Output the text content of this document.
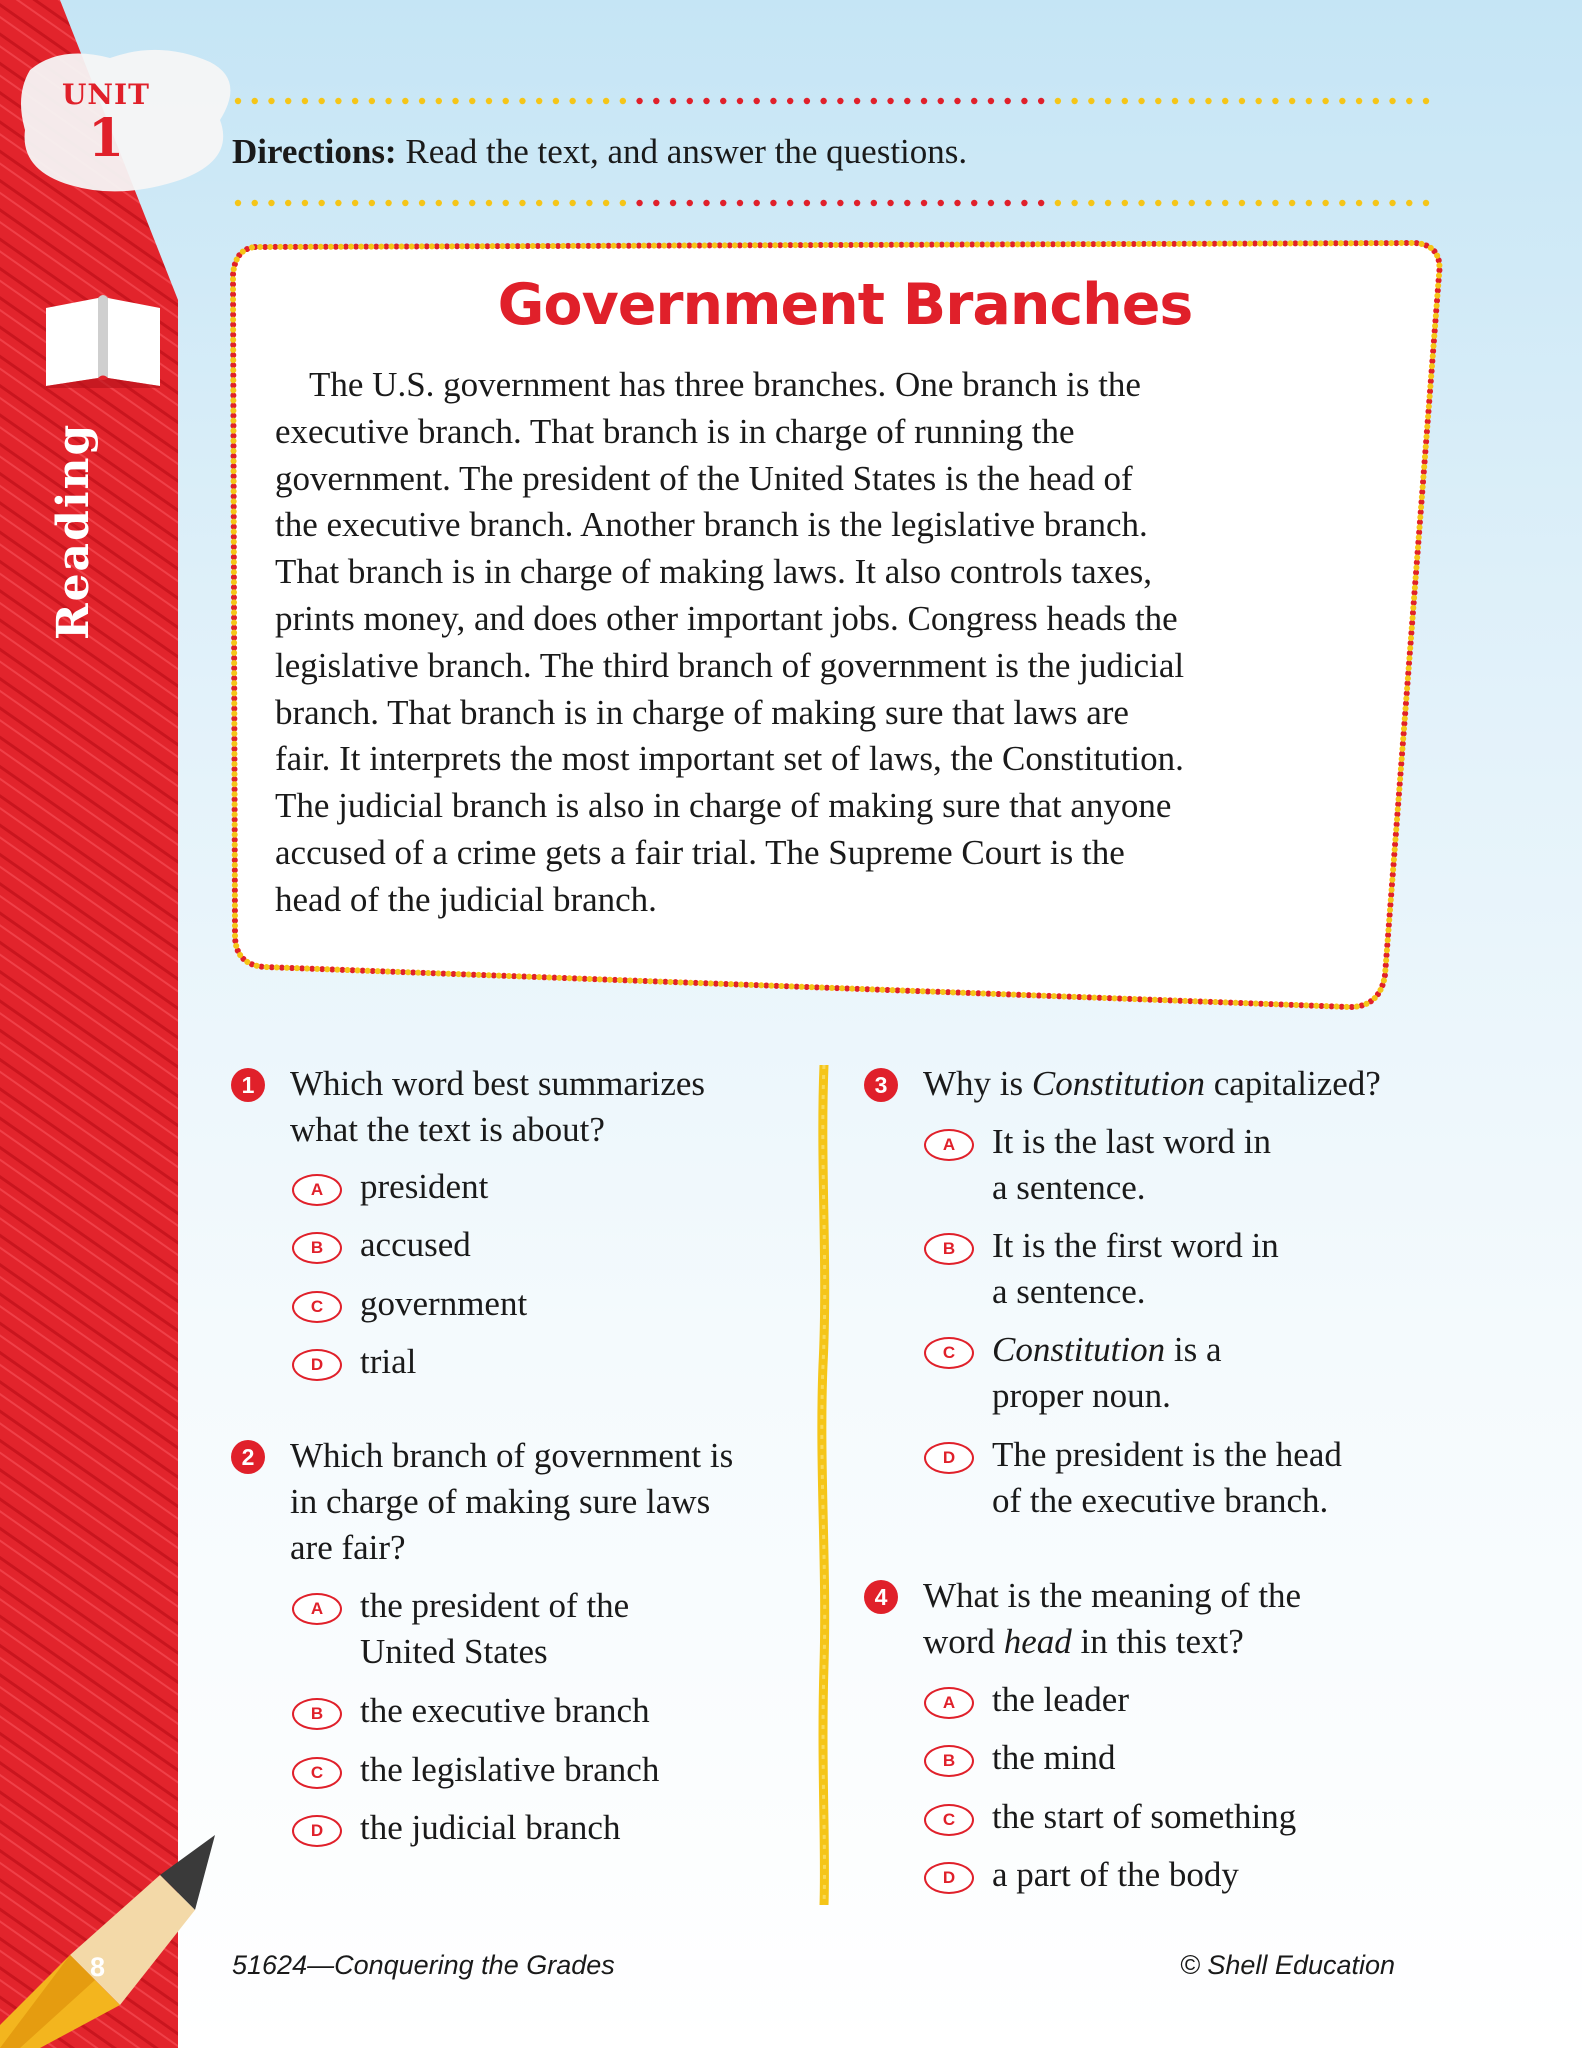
UNIT
1
Reading
8
Directions: Read the text, and answer the questions.
Government Branches
The U.S. government has three branches. One branch is the
executive branch. That branch is in charge of running the
government. The president of the United States is the head of
the executive branch. Another branch is the legislative branch.
That branch is in charge of making laws. It also controls taxes,
prints money, and does other important jobs. Congress heads the
legislative branch. The third branch of government is the judicial
branch. That branch is in charge of making sure that laws are
fair. It interprets the most important set of laws, the Constitution.
The judicial branch is also in charge of making sure that anyone
accused of a crime gets a fair trial. The Supreme Court is the
head of the judicial branch.
1	Which word best summarizes
what the text is about?
A	president
B	accused
C	government
D	trial
2	Which branch of government is
in charge of making sure laws
are fair?
A	the president of the
United States
B	the executive branch
C	the legislative branch
D	the judicial branch
3	Why is Constitution capitalized?
A	It is the last word in
a sentence.
B	It is the first word in
a sentence.
C	Constitution is a
proper noun.
D	The president is the head
of the executive branch.
4	What is the meaning of the
word head in this text?
A	the leader
B	the mind
C	the start of something
D	a part of the body
51624—Conquering the Grades	© Shell Education
